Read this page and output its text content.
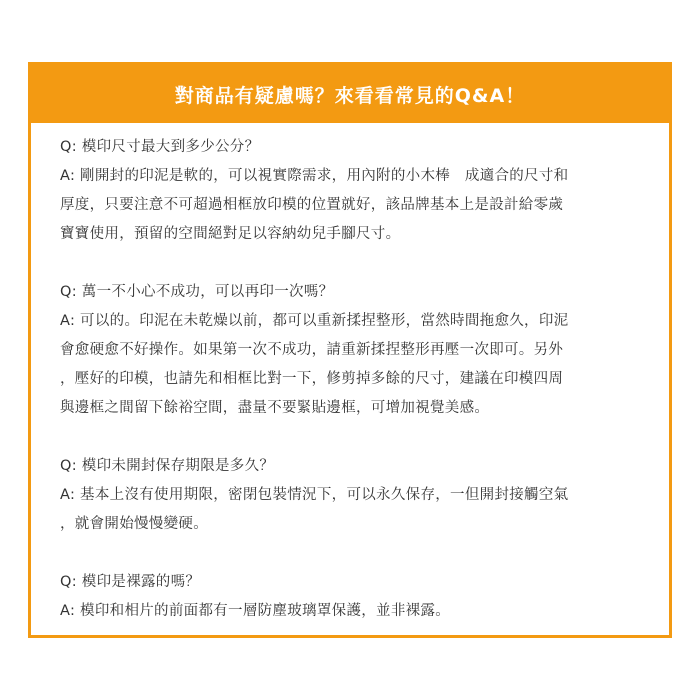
對商品有疑慮嗎？來看看常見的Q&A！

Q: 模印尺寸最大到多少公分？

A: 剛開封的印泥是軟的，可以視實際需求，用內附的小木棒　成適合的尺寸和

厚度，只要注意不可超過相框放印模的位置就好，該品牌基本上是設計給零歲

寶寶使用，預留的空間絕對足以容納幼兒手腳尺寸。

Q: 萬一不小心不成功，可以再印一次嗎？

A: 可以的。印泥在未乾燥以前，都可以重新揉捏整形，當然時間拖愈久，印泥

會愈硬愈不好操作。如果第一次不成功，請重新揉捏整形再壓一次即可。另外

，壓好的印模，也請先和相框比對一下，修剪掉多餘的尺寸，建議在印模四周

與邊框之間留下餘裕空間，盡量不要緊貼邊框，可增加視覺美感。

Q: 模印未開封保存期限是多久？

A: 基本上沒有使用期限，密閉包裝情況下，可以永久保存，一但開封接觸空氣

，就會開始慢慢變硬。

Q: 模印是裸露的嗎？

A: 模印和相片的前面都有一層防塵玻璃罩保護，並非裸露。
